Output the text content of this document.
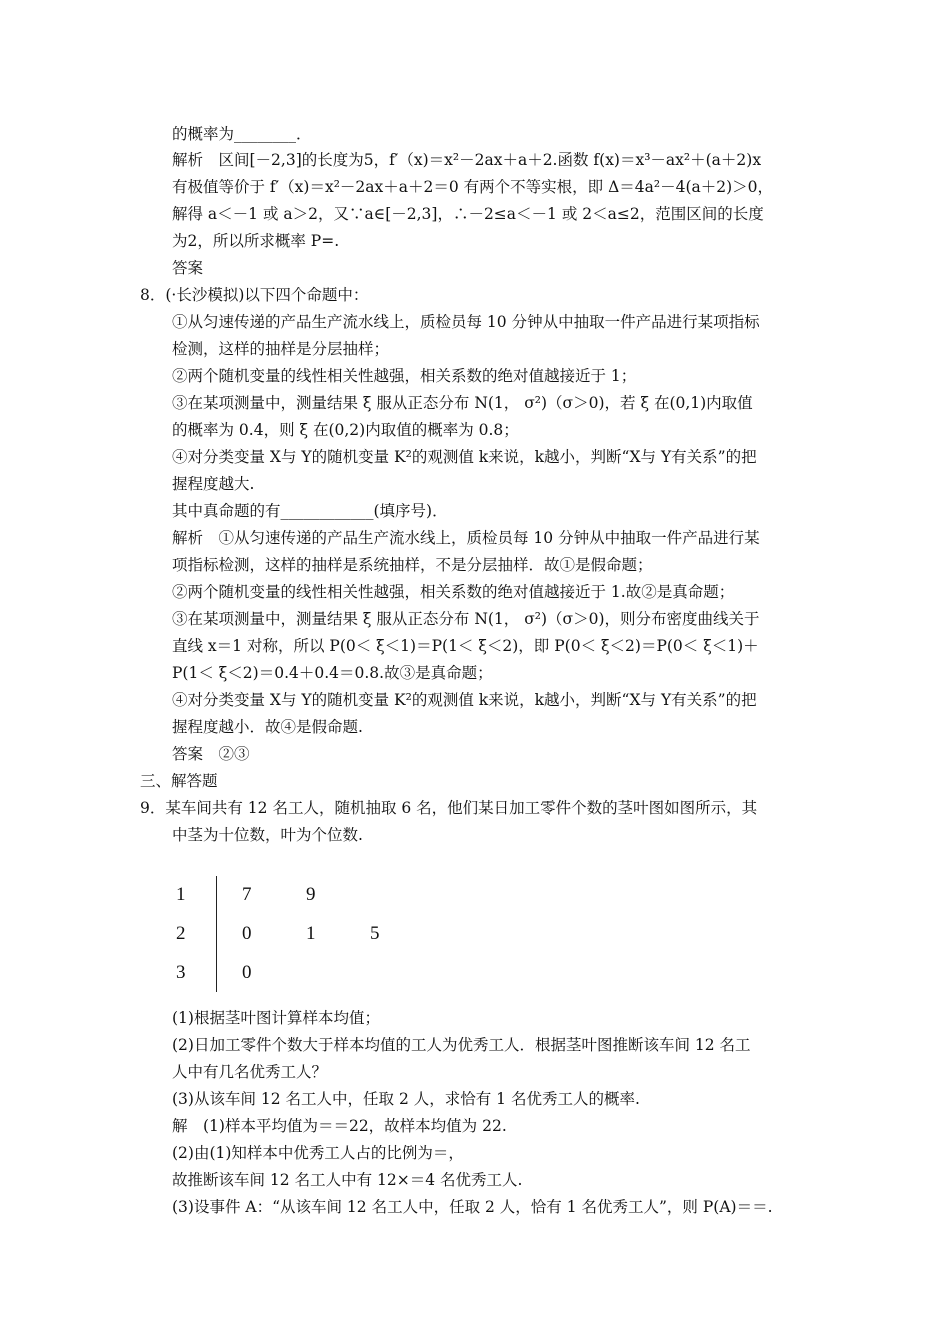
的概率为________．
解析　区间[－2,3]的长度为5，f′（x)＝x²－2ax＋a＋2.函数 f(x)＝x³－ax²＋(a＋2)x
有极值等价于 f′（x)＝x²－2ax＋a＋2＝0 有两个不等实根，即 Δ＝4a²－4(a＋2)＞0，
解得 a＜－1 或 a＞2，又∵a∈[－2,3]，∴－2≤a＜－1 或 2＜a≤2，范围区间的长度
为2，所以所求概率 P=.
答案
8．(·长沙模拟)以下四个命题中：
①从匀速传递的产品生产流水线上，质检员每 10 分钟从中抽取一件产品进行某项指标
检测，这样的抽样是分层抽样；
②两个随机变量的线性相关性越强，相关系数的绝对值越接近于 1；
③在某项测量中，测量结果 ξ 服从正态分布 N(1， σ²)（σ＞0)，若 ξ 在(0,1)内取值
的概率为 0.4，则 ξ 在(0,2)内取值的概率为 0.8；
④对分类变量 X与 Y的随机变量 K²的观测值 k来说，k越小，判断“X与 Y有关系”的把
握程度越大.
其中真命题的有____________(填序号)．
解析　①从匀速传递的产品生产流水线上，质检员每 10 分钟从中抽取一件产品进行某
项指标检测，这样的抽样是系统抽样，不是分层抽样．故①是假命题；
②两个随机变量的线性相关性越强，相关系数的绝对值越接近于 1.故②是真命题；
③在某项测量中，测量结果 ξ 服从正态分布 N(1， σ²)（σ＞0)，则分布密度曲线关于
直线 x＝1 对称，所以 P(0＜ ξ＜1)＝P(1＜ ξ＜2)，即 P(0＜ ξ＜2)＝P(0＜ ξ＜1)＋
P(1＜ ξ＜2)＝0.4＋0.4＝0.8.故③是真命题；
④对分类变量 X与 Y的随机变量 K²的观测值 k来说，k越小，判断“X与 Y有关系”的把
握程度越小．故④是假命题.
答案　②③
三、解答题
9．某车间共有 12 名工人，随机抽取 6 名，他们某日加工零件个数的茎叶图如图所示，其
中茎为十位数，叶为个位数.
1	7	9
2	0	1	5
3	0
(1)根据茎叶图计算样本均值；
(2)日加工零件个数大于样本均值的工人为优秀工人．根据茎叶图推断该车间 12 名工
人中有几名优秀工人？
(3)从该车间 12 名工人中，任取 2 人，求恰有 1 名优秀工人的概率.
解　(1)样本平均值为＝＝22，故样本均值为 22.
(2)由(1)知样本中优秀工人占的比例为＝，
故推断该车间 12 名工人中有 12×＝4 名优秀工人.
(3)设事件 A：“从该车间 12 名工人中，任取 2 人，恰有 1 名优秀工人”，则 P(A)＝＝.
